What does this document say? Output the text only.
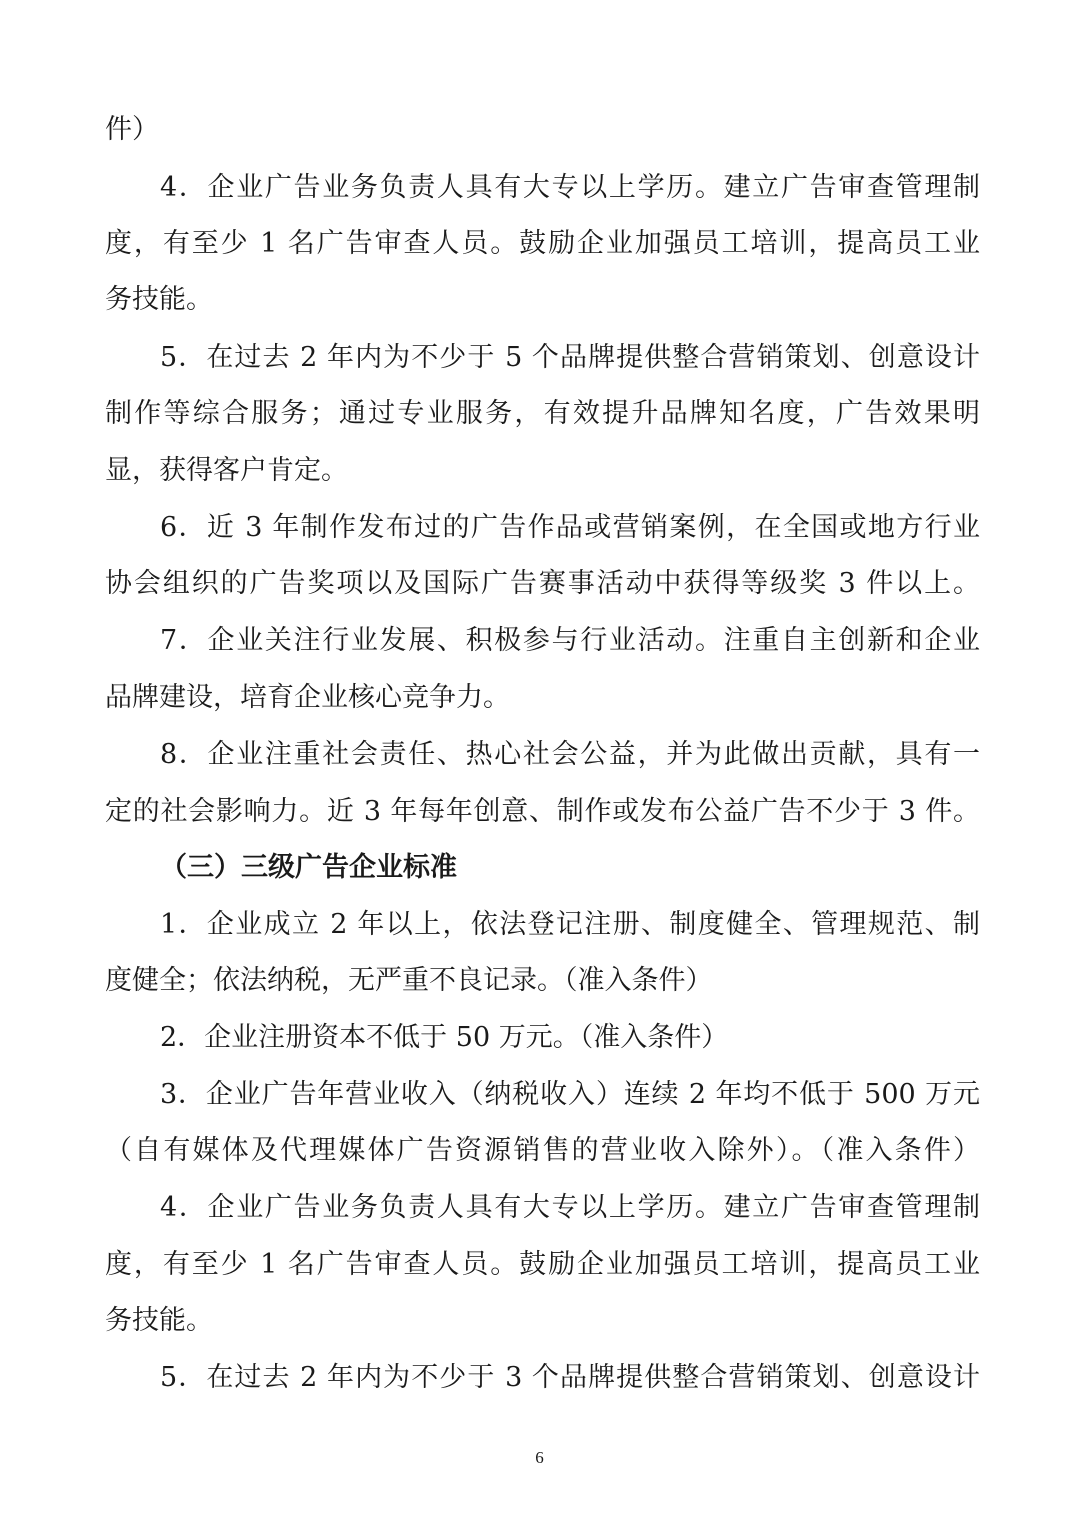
件）
4．企业广告业务负责人具有大专以上学历。建立广告审查管理制
度，有至少 1 名广告审查人员。鼓励企业加强员工培训，提高员工业
务技能。
5．在过去 2 年内为不少于 5 个品牌提供整合营销策划、创意设计
制作等综合服务；通过专业服务，有效提升品牌知名度，广告效果明
显，获得客户肯定。
6．近 3 年制作发布过的广告作品或营销案例，在全国或地方行业
协会组织的广告奖项以及国际广告赛事活动中获得等级奖 3 件以上。
7．企业关注行业发展、积极参与行业活动。注重自主创新和企业
品牌建设，培育企业核心竞争力。
8．企业注重社会责任、热心社会公益，并为此做出贡献，具有一
定的社会影响力。近 3 年每年创意、制作或发布公益广告不少于 3 件。
（三）三级广告企业标准
1．企业成立 2 年以上，依法登记注册、制度健全、管理规范、制
度健全；依法纳税，无严重不良记录。（准入条件）
2．企业注册资本不低于 50 万元。（准入条件）
3．企业广告年营业收入（纳税收入）连续 2 年均不低于 500 万元
（自有媒体及代理媒体广告资源销售的营业收入除外）。（准入条件）
4．企业广告业务负责人具有大专以上学历。建立广告审查管理制
度，有至少 1 名广告审查人员。鼓励企业加强员工培训，提高员工业
务技能。
5．在过去 2 年内为不少于 3 个品牌提供整合营销策划、创意设计
6
